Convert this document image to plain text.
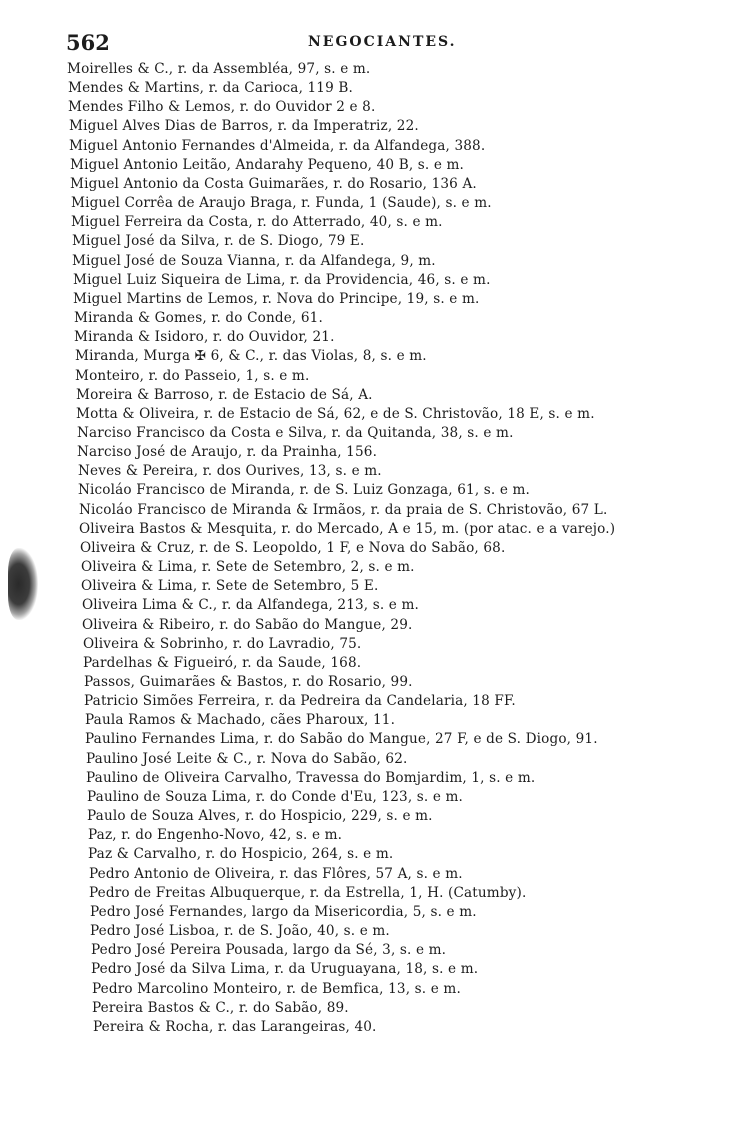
562	NEGOCIANTES.
Moirelles & C., r. da Assembléa, 97, s. e m.
Mendes & Martins, r. da Carioca, 119 B.
Mendes Filho & Lemos, r. do Ouvidor 2 e 8.
Miguel Alves Dias de Barros, r. da Imperatriz, 22.
Miguel Antonio Fernandes d'Almeida, r. da Alfandega, 388.
Miguel Antonio Leitão, Andarahy Pequeno, 40 B, s. e m.
Miguel Antonio da Costa Guimarães, r. do Rosario, 136 A.
Miguel Corrêa de Araujo Braga, r. Funda, 1 (Saude), s. e m.
Miguel Ferreira da Costa, r. do Atterrado, 40, s. e m.
Miguel José da Silva, r. de S. Diogo, 79 E.
Miguel José de Souza Vianna, r. da Alfandega, 9, m.
Miguel Luiz Siqueira de Lima, r. da Providencia, 46, s. e m.
Miguel Martins de Lemos, r. Nova do Principe, 19, s. e m.
Miranda & Gomes, r. do Conde, 61.
Miranda & Isidoro, r. do Ouvidor, 21.
Miranda, Murga ✠ 6, & C., r. das Violas, 8, s. e m.
Monteiro, r. do Passeio, 1, s. e m.
Moreira & Barroso, r. de Estacio de Sá, A.
Motta & Oliveira, r. de Estacio de Sá, 62, e de S. Christovão, 18 E, s. e m.
Narciso Francisco da Costa e Silva, r. da Quitanda, 38, s. e m.
Narciso José de Araujo, r. da Prainha, 156.
Neves & Pereira, r. dos Ourives, 13, s. e m.
Nicoláo Francisco de Miranda, r. de S. Luiz Gonzaga, 61, s. e m.
Nicoláo Francisco de Miranda & Irmãos, r. da praia de S. Christovão, 67 L.
Oliveira Bastos & Mesquita, r. do Mercado, A e 15, m. (por atac. e a varejo.)
Oliveira & Cruz, r. de S. Leopoldo, 1 F, e Nova do Sabão, 68.
Oliveira & Lima, r. Sete de Setembro, 2, s. e m.
Oliveira & Lima, r. Sete de Setembro, 5 E.
Oliveira Lima & C., r. da Alfandega, 213, s. e m.
Oliveira & Ribeiro, r. do Sabão do Mangue, 29.
Oliveira & Sobrinho, r. do Lavradio, 75.
Pardelhas & Figueiró, r. da Saude, 168.
Passos, Guimarães & Bastos, r. do Rosario, 99.
Patricio Simões Ferreira, r. da Pedreira da Candelaria, 18 FF.
Paula Ramos & Machado, cães Pharoux, 11.
Paulino Fernandes Lima, r. do Sabão do Mangue, 27 F, e de S. Diogo, 91.
Paulino José Leite & C., r. Nova do Sabão, 62.
Paulino de Oliveira Carvalho, Travessa do Bomjardim, 1, s. e m.
Paulino de Souza Lima, r. do Conde d'Eu, 123, s. e m.
Paulo de Souza Alves, r. do Hospicio, 229, s. e m.
Paz, r. do Engenho-Novo, 42, s. e m.
Paz & Carvalho, r. do Hospicio, 264, s. e m.
Pedro Antonio de Oliveira, r. das Flôres, 57 A, s. e m.
Pedro de Freitas Albuquerque, r. da Estrella, 1, H. (Catumby).
Pedro José Fernandes, largo da Misericordia, 5, s. e m.
Pedro José Lisboa, r. de S. João, 40, s. e m.
Pedro José Pereira Pousada, largo da Sé, 3, s. e m.
Pedro José da Silva Lima, r. da Uruguayana, 18, s. e m.
Pedro Marcolino Monteiro, r. de Bemfica, 13, s. e m.
Pereira Bastos & C., r. do Sabão, 89.
Pereira & Rocha, r. das Larangeiras, 40.
